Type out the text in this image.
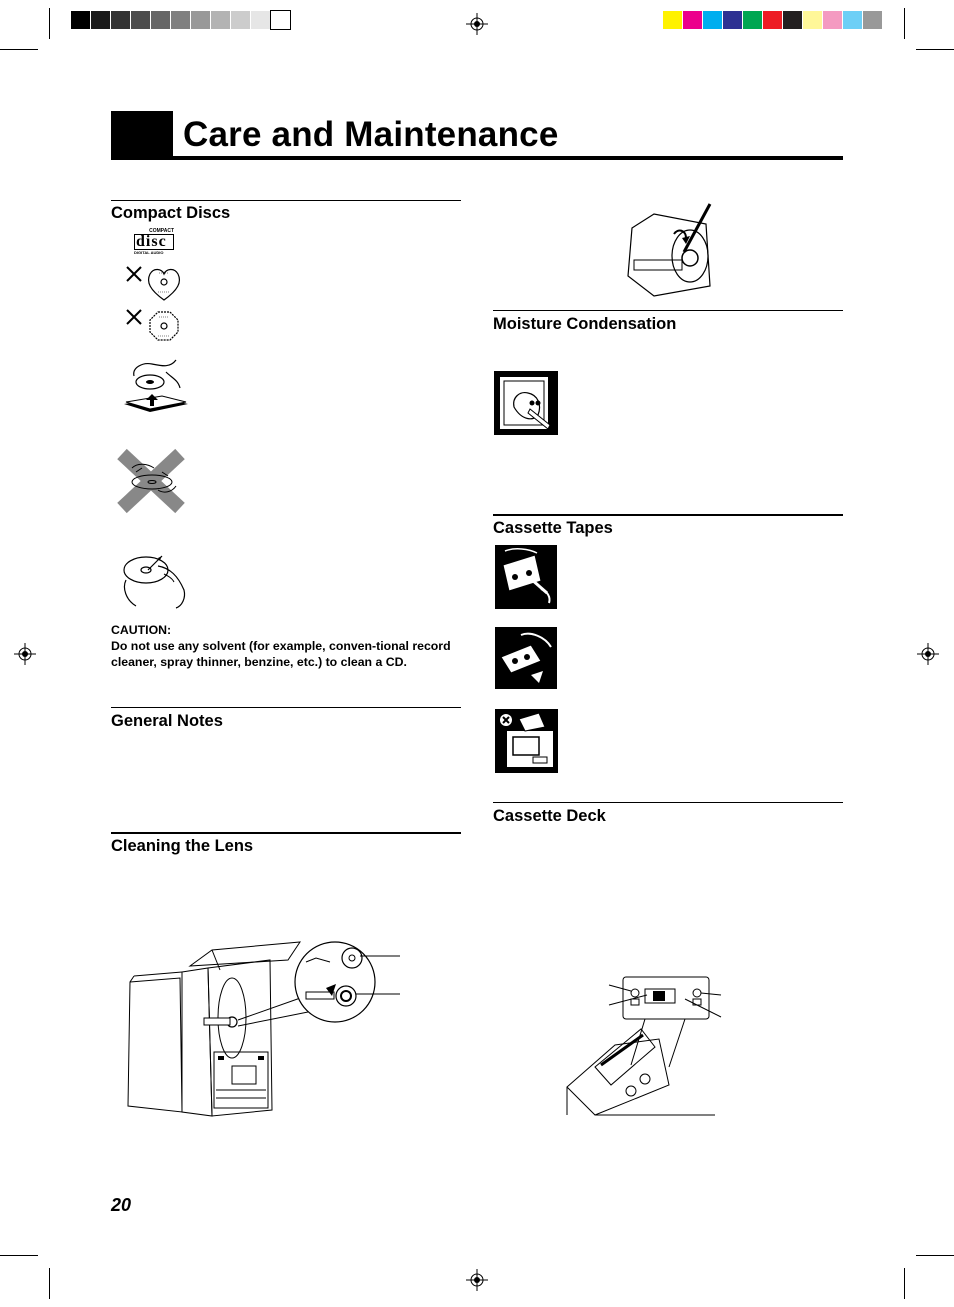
Care and Maintenance
Compact Discs
COMPACT
disc
DIGITAL AUDIO
CAUTION:
Do not use any solvent (for example, conven-tional record cleaner, spray thinner, benzine, etc.) to clean a CD.
General Notes
Cleaning the Lens
Moisture Condensation
Cassette Tapes
Cassette Deck
20
